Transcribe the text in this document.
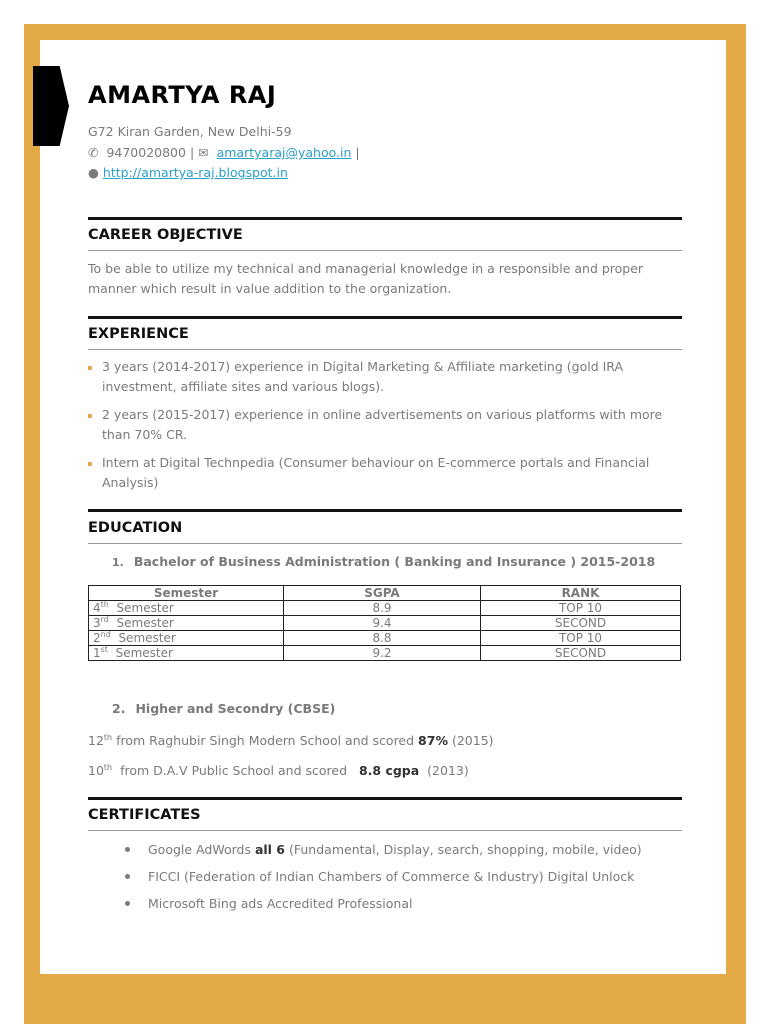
AMARTYA RAJ
G72 Kiran Garden, New Delhi-59
✆ 9470020800 | ✉ amartyaraj@yahoo.in |
● http://amartya-raj.blogspot.in
CAREER OBJECTIVE
To be able to utilize my technical and managerial knowledge in a responsible and proper manner which result in value addition to the organization.
EXPERIENCE
3 years (2014-2017) experience in Digital Marketing & Affiliate marketing (gold IRA investment, affiliate sites and various blogs).
2 years (2015-2017) experience in online advertisements on various platforms with more than 70% CR.
Intern at Digital Technpedia (Consumer behaviour on E-commerce portals and Financial Analysis)
EDUCATION
1. Bachelor of Business Administration ( Banking and Insurance ) 2015-2018
Semester	SGPA	RANK
4th Semester	8.9	TOP 10
3rd Semester	9.4	SECOND
2nd Semester	8.8	TOP 10
1st Semester	9.2	SECOND
2. Higher and Secondry (CBSE)
12th from Raghubir Singh Modern School and scored 87% (2015)
10th from D.A.V Public School and scored 8.8 cgpa (2013)
CERTIFICATES
Google AdWords all 6 (Fundamental, Display, search, shopping, mobile, video)
FICCI (Federation of Indian Chambers of Commerce & Industry) Digital Unlock
Microsoft Bing ads Accredited Professional
